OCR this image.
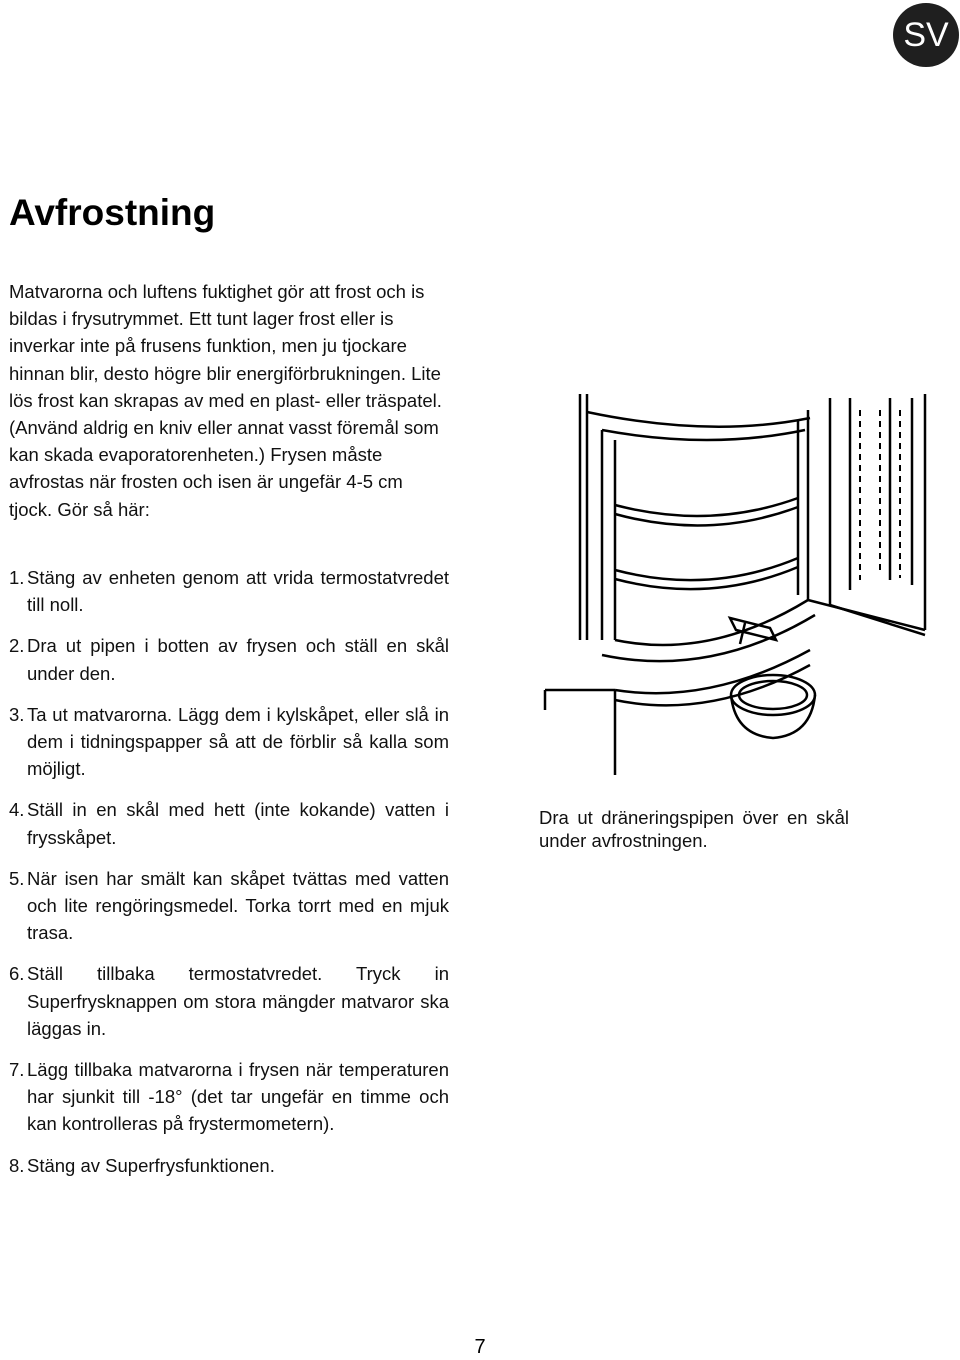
SV
Avfrostning

Matvarorna och luftens fuktighet gör att frost och is bildas i frysutrymmet. Ett tunt lager frost eller is inverkar inte på frusens funktion, men ju tjockare hinnan blir, desto högre blir energiförbrukningen. Lite lös frost kan skrapas av med en plast- eller träspatel. (Använd aldrig en kniv eller annat vasst föremål som kan skada evaporatorenheten.) Frysen måste avfrostas när frosten och isen är ungefär 4-5 cm tjock. Gör så här:

1. Stäng av enheten genom att vrida termostatvredet till noll.
2. Dra ut pipen i botten av frysen och ställ en skål under den.
3. Ta ut matvarorna. Lägg dem i kylskåpet, eller slå in dem i tidningspapper så att de förblir så kalla som möjligt.
4. Ställ in en skål med hett (inte kokande) vatten i frysskåpet.
5. När isen har smält kan skåpet tvättas med vatten och lite rengöringsmedel. Torka torrt med en mjuk trasa.
6. Ställ tillbaka termostatvredet. Tryck in Superfrysknappen om stora mängder matvaror ska läggas in.
7. Lägg tillbaka matvarorna i frysen när temperaturen har sjunkit till -18° (det tar ungefär en timme och kan kontrolleras på frystermometern).
8. Stäng av Superfrysfunktionen.

Dra ut dräneringspipen över en skål under avfrostningen.

7
